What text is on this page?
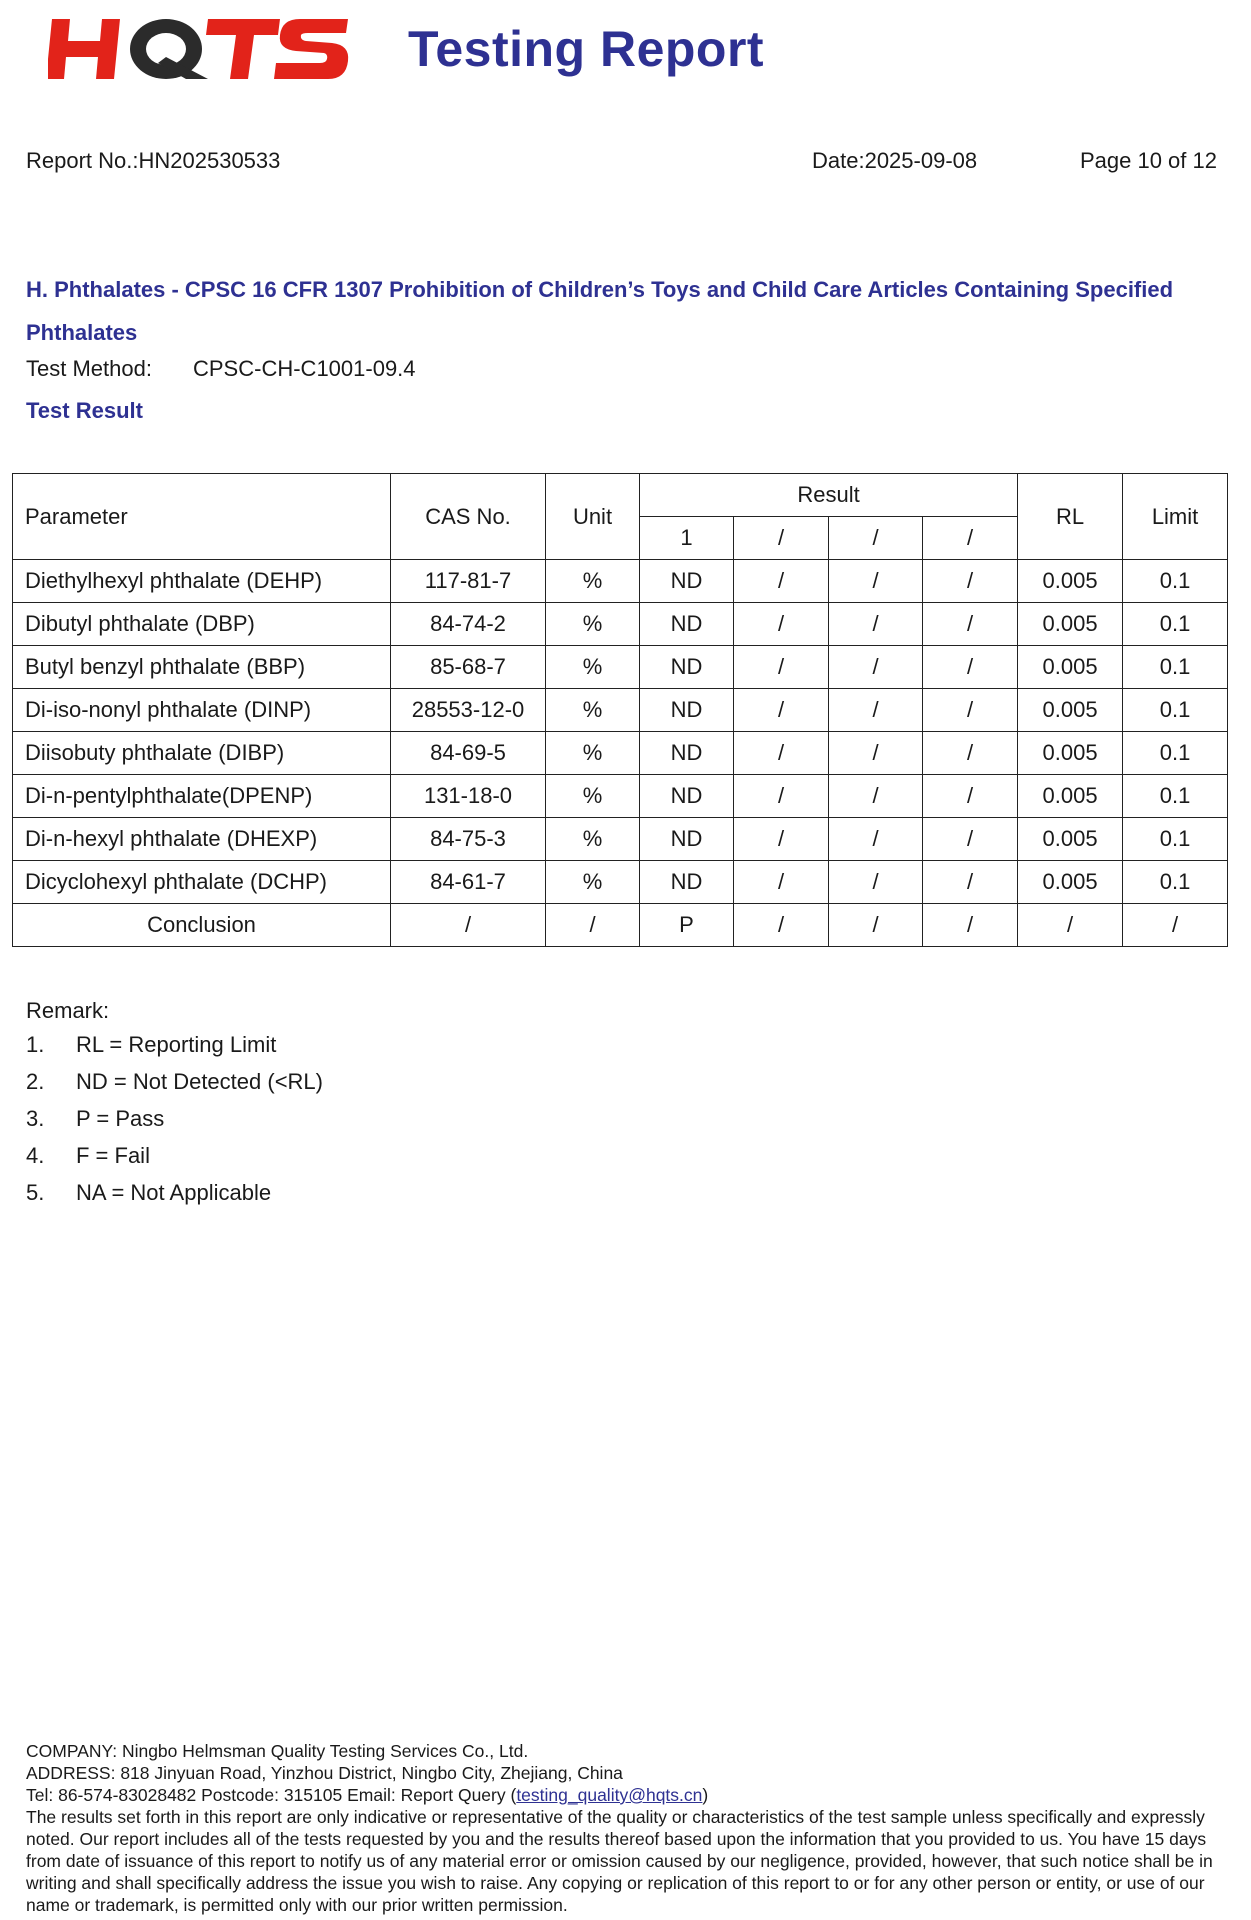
Testing Report
Report No.:HN202530533	Date:2025-09-08	Page 10 of 12
H. Phthalates - CPSC 16 CFR 1307 Prohibition of Children’s Toys and Child Care Articles Containing Specified Phthalates
Test Method:	CPSC-CH-C1001-09.4
Test Result
Parameter	CAS No.	Unit	Result				RL	Limit
			1	/	/	/		
Diethylhexyl phthalate (DEHP)	117-81-7	%	ND	/	/	/	0.005	0.1
Dibutyl phthalate (DBP)	84-74-2	%	ND	/	/	/	0.005	0.1
Butyl benzyl phthalate (BBP)	85-68-7	%	ND	/	/	/	0.005	0.1
Di-iso-nonyl phthalate (DINP)	28553-12-0	%	ND	/	/	/	0.005	0.1
Diisobuty phthalate (DIBP)	84-69-5	%	ND	/	/	/	0.005	0.1
Di-n-pentylphthalate(DPENP)	131-18-0	%	ND	/	/	/	0.005	0.1
Di-n-hexyl phthalate (DHEXP)	84-75-3	%	ND	/	/	/	0.005	0.1
Dicyclohexyl phthalate (DCHP)	84-61-7	%	ND	/	/	/	0.005	0.1
Conclusion	/	/	P	/	/	/	/	/
Remark:
1.	RL = Reporting Limit
2.	ND = Not Detected (<RL)
3.	P = Pass
4.	F = Fail
5.	NA = Not Applicable
COMPANY: Ningbo Helmsman Quality Testing Services Co., Ltd.
ADDRESS: 818 Jinyuan Road, Yinzhou District, Ningbo City, Zhejiang, China
Tel: 86-574-83028482 Postcode: 315105 Email: Report Query (testing_quality@hqts.cn)
The results set forth in this report are only indicative or representative of the quality or characteristics of the test sample unless specifically and expressly noted. Our report includes all of the tests requested by you and the results thereof based upon the information that you provided to us. You have 15 days from date of issuance of this report to notify us of any material error or omission caused by our negligence, provided, however, that such notice shall be in writing and shall specifically address the issue you wish to raise. Any copying or replication of this report to or for any other person or entity, or use of our name or trademark, is permitted only with our prior written permission.
